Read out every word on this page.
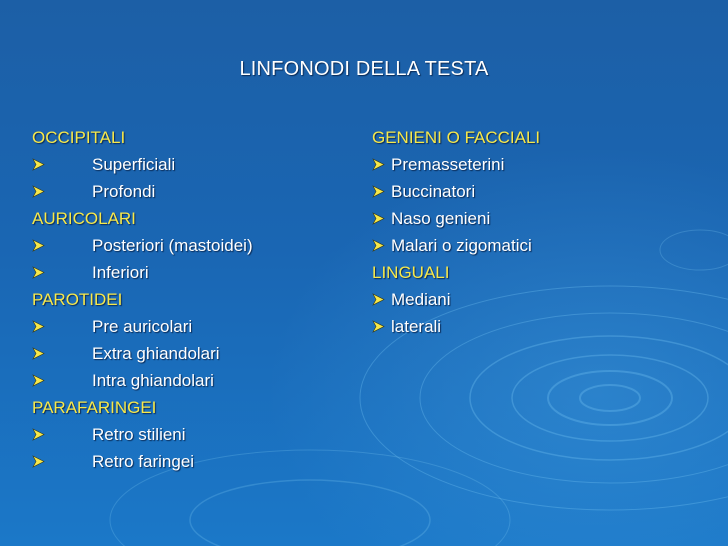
LINFONODI DELLA TESTA
OCCIPITALI
Superficiali
Profondi
AURICOLARI
Posteriori (mastoidei)
Inferiori
PAROTIDEI
Pre auricolari
Extra ghiandolari
Intra ghiandolari
PARAFARINGEI
Retro stilieni
Retro faringei
GENIENI O FACCIALI
Premasseterini
Buccinatori
Naso genieni
Malari o zigomatici
LINGUALI
Mediani
laterali
